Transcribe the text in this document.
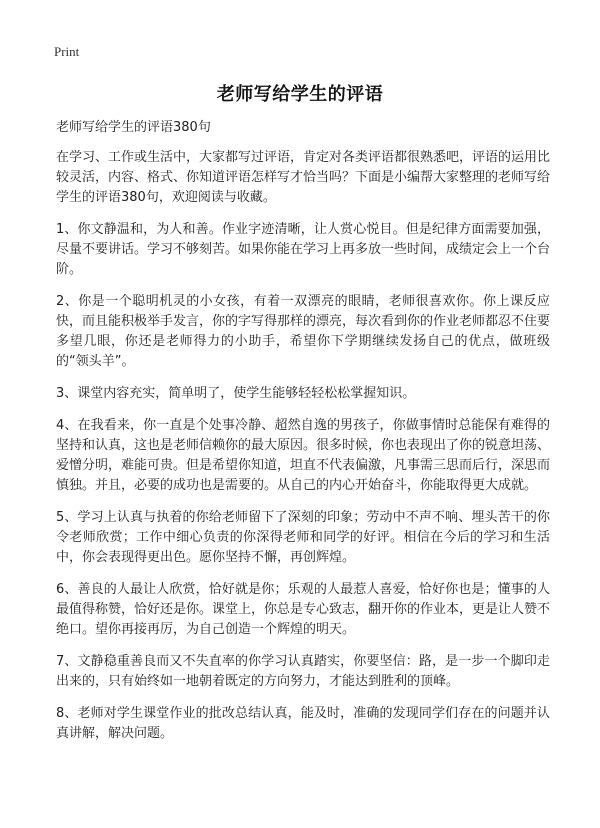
Print
老师写给学生的评语

老师写给学生的评语380句

在学习、工作或生活中，大家都写过评语，肯定对各类评语都很熟悉吧，评语的运用比较灵活，内容、格式、你知道评语怎样写才恰当吗？下面是小编帮大家整理的老师写给学生的评语380句，欢迎阅读与收藏。

1、你文静温和，为人和善。作业字迹清晰，让人赏心悦目。但是纪律方面需要加强，尽量不要讲话。学习不够刻苦。如果你能在学习上再多放一些时间，成绩定会上一个台阶。

2、你是一个聪明机灵的小女孩，有着一双漂亮的眼睛，老师很喜欢你。你上课反应快，而且能积极举手发言，你的字写得那样的漂亮，每次看到你的作业老师都忍不住要多望几眼，你还是老师得力的小助手，希望你下学期继续发扬自己的优点，做班级的“领头羊”。

3、课堂内容充实，简单明了，使学生能够轻轻松松掌握知识。

4、在我看来，你一直是个处事冷静、超然自逸的男孩子，你做事情时总能保有难得的坚持和认真，这也是老师信赖你的最大原因。很多时候，你也表现出了你的锐意坦荡、爱憎分明，难能可贵。但是希望你知道，坦直不代表偏激，凡事需三思而后行，深思而慎独。并且，必要的成功也是需要的。从自己的内心开始奋斗，你能取得更大成就。

5、学习上认真与执着的你给老师留下了深刻的印象；劳动中不声不响、埋头苦干的你令老师欣赏；工作中细心负责的你深得老师和同学的好评。相信在今后的学习和生活中，你会表现得更出色。愿你坚持不懈，再创辉煌。

6、善良的人最让人欣赏，恰好就是你；乐观的人最惹人喜爱，恰好你也是；懂事的人最值得称赞，恰好还是你。课堂上，你总是专心致志，翻开你的作业本，更是让人赞不绝口。望你再接再厉，为自己创造一个辉煌的明天。

7、文静稳重善良而又不失直率的你学习认真踏实，你要坚信：路，是一步一个脚印走出来的，只有始终如一地朝着既定的方向努力，才能达到胜利的顶峰。

8、老师对学生课堂作业的批改总结认真，能及时，准确的发现同学们存在的问题并认真讲解，解决问题。
